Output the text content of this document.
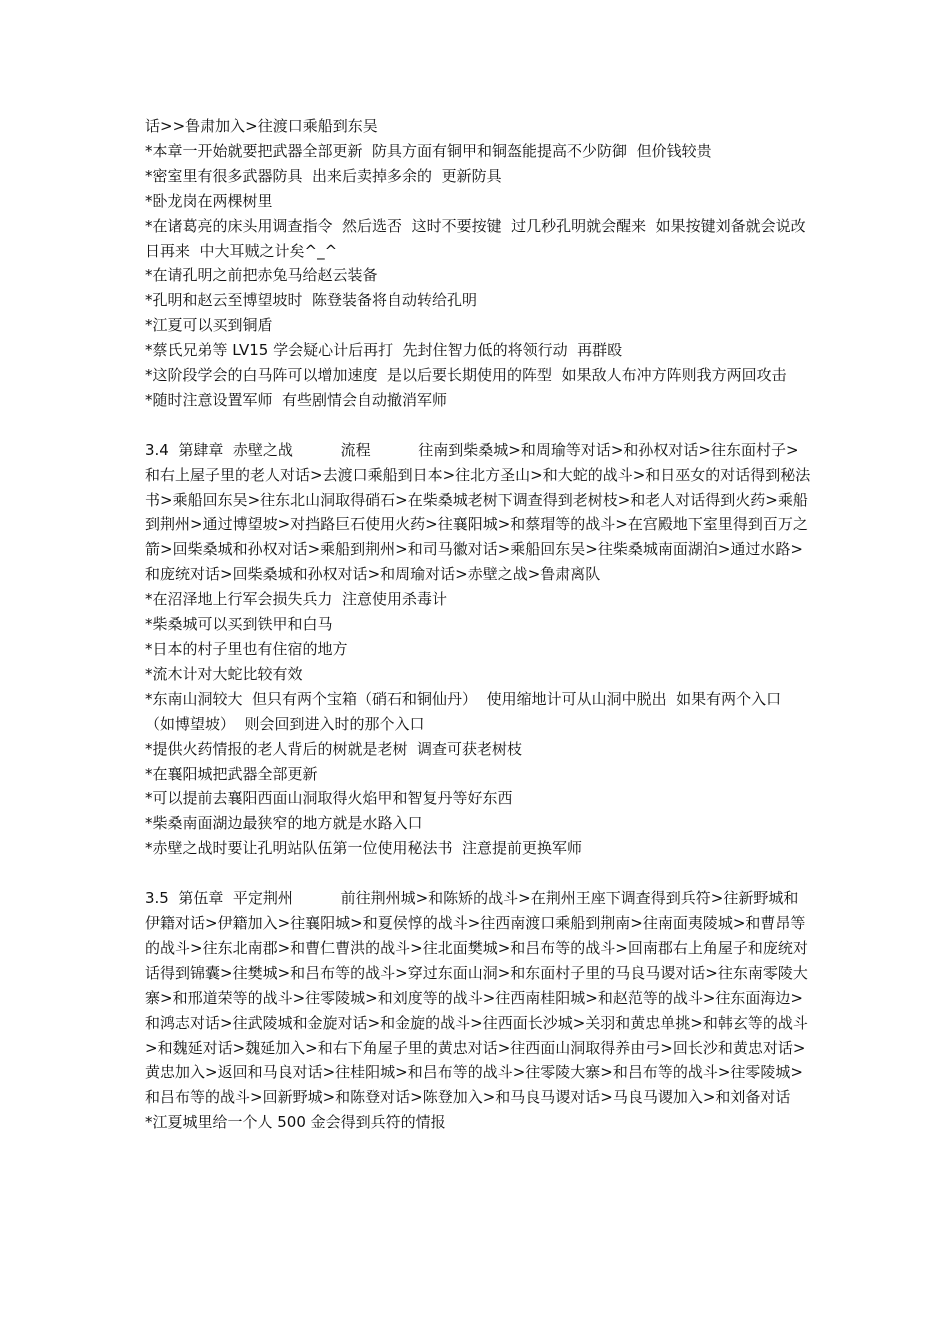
话>>鲁肃加入>往渡口乘船到东吴
*本章一开始就要把武器全部更新  防具方面有铜甲和铜盔能提高不少防御  但价钱较贵
*密室里有很多武器防具  出来后卖掉多余的  更新防具
*卧龙岗在两棵树里
*在诸葛亮的床头用调查指令  然后选否  这时不要按键  过几秒孔明就会醒来  如果按键刘备就会说改日再来  中大耳贼之计矣^_^
*在请孔明之前把赤兔马给赵云装备
*孔明和赵云至博望坡时  陈登装备将自动转给孔明
*江夏可以买到铜盾
*蔡氏兄弟等 LV15 学会疑心计后再打  先封住智力低的将领行动  再群殴
*这阶段学会的白马阵可以增加速度  是以后要长期使用的阵型  如果敌人布冲方阵则我方两回攻击
*随时注意设置军师  有些剧情会自动撤消军师
3.4  第肆章  赤壁之战          流程          往南到柴桑城>和周瑜等对话>和孙权对话>往东面村子>和右上屋子里的老人对话>去渡口乘船到日本>往北方圣山>和大蛇的战斗>和日巫女的对话得到秘法书>乘船回东吴>往东北山洞取得硝石>在柴桑城老树下调查得到老树枝>和老人对话得到火药>乘船到荆州>通过博望坡>对挡路巨石使用火药>往襄阳城>和蔡瑁等的战斗>在宫殿地下室里得到百万之箭>回柴桑城和孙权对话>乘船到荆州>和司马徽对话>乘船回东吴>往柴桑城南面湖泊>通过水路>和庞统对话>回柴桑城和孙权对话>和周瑜对话>赤壁之战>鲁肃离队
*在沼泽地上行军会损失兵力  注意使用杀毒计
*柴桑城可以买到铁甲和白马
*日本的村子里也有住宿的地方
*流木计对大蛇比较有效
*东南山洞较大  但只有两个宝箱（硝石和铜仙丹）  使用缩地计可从山洞中脱出  如果有两个入口（如博望坡）  则会回到进入时的那个入口
*提供火药情报的老人背后的树就是老树  调查可获老树枝
*在襄阳城把武器全部更新
*可以提前去襄阳西面山洞取得火焰甲和智复丹等好东西
*柴桑南面湖边最狭窄的地方就是水路入口
*赤壁之战时要让孔明站队伍第一位使用秘法书  注意提前更换军师
3.5  第伍章  平定荆州          前往荆州城>和陈矫的战斗>在荆州王座下调查得到兵符>往新野城和伊籍对话>伊籍加入>往襄阳城>和夏侯惇的战斗>往西南渡口乘船到荆南>往南面夷陵城>和曹昂等的战斗>往东北南郡>和曹仁曹洪的战斗>往北面樊城>和吕布等的战斗>回南郡右上角屋子和庞统对话得到锦囊>往樊城>和吕布等的战斗>穿过东面山洞>和东面村子里的马良马谡对话>往东南零陵大寨>和邢道荣等的战斗>往零陵城>和刘度等的战斗>往西南桂阳城>和赵范等的战斗>往东面海边>和鸿志对话>往武陵城和金旋对话>和金旋的战斗>往西面长沙城>关羽和黄忠单挑>和韩玄等的战斗>和魏延对话>魏延加入>和右下角屋子里的黄忠对话>往西面山洞取得养由弓>回长沙和黄忠对话>黄忠加入>返回和马良对话>往桂阳城>和吕布等的战斗>往零陵大寨>和吕布等的战斗>往零陵城>和吕布等的战斗>回新野城>和陈登对话>陈登加入>和马良马谡对话>马良马谡加入>和刘备对话
*江夏城里给一个人 500 金会得到兵符的情报
